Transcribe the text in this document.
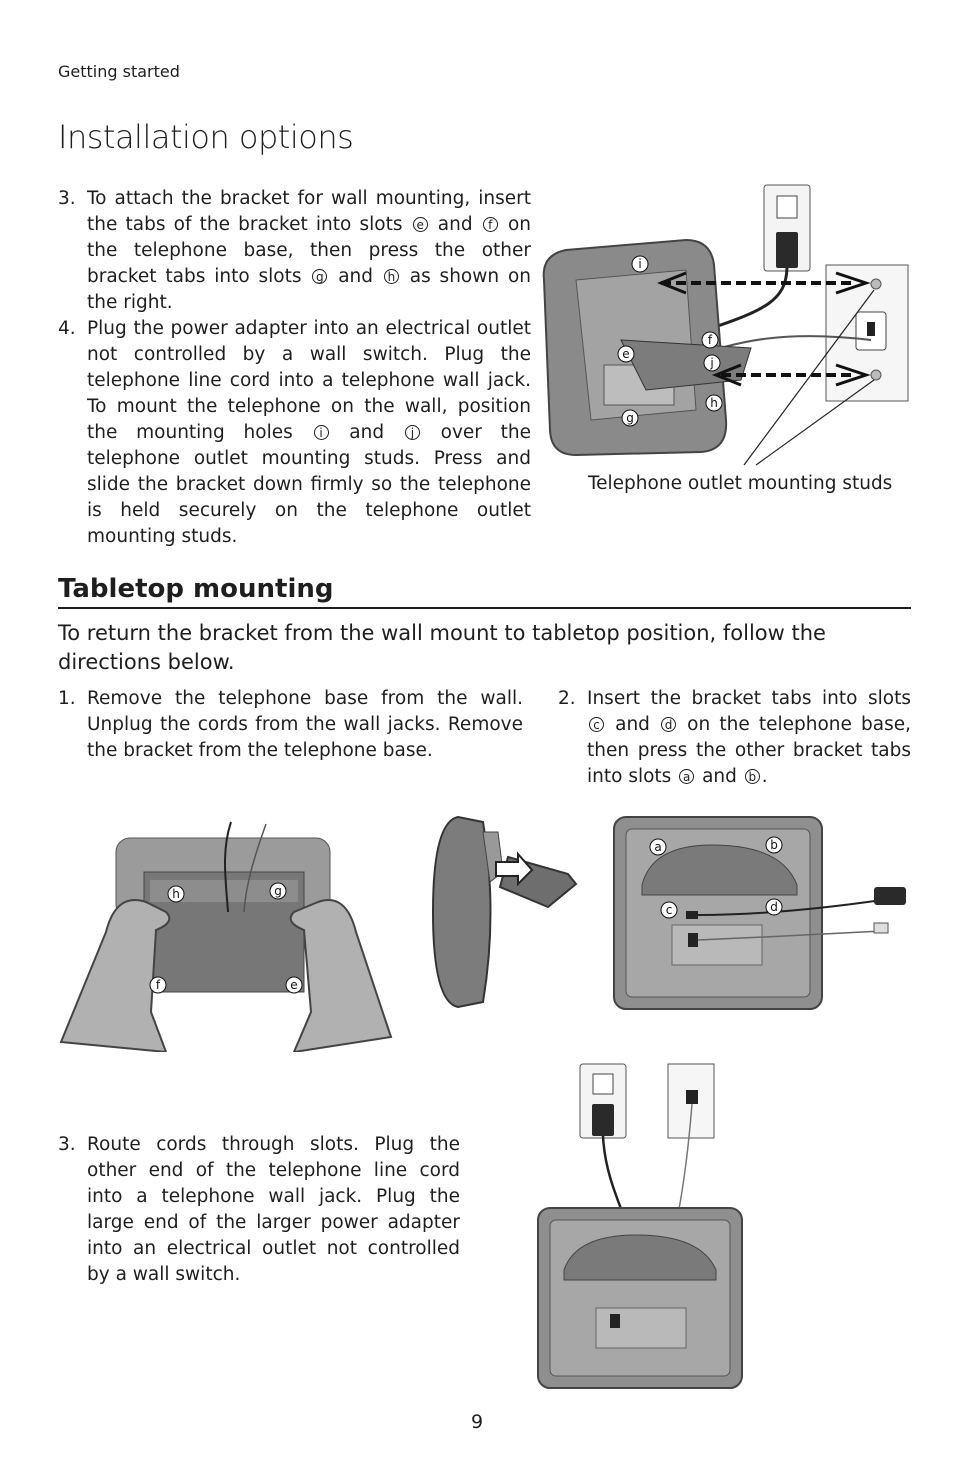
Getting started
Installation options
3. To attach the bracket for wall mounting, insert the tabs of the bracket into slots e and f on the telephone base, then press the other bracket tabs into slots g and h as shown on the right.
4. Plug the power adapter into an electrical outlet not controlled by a wall switch. Plug the telephone line cord into a telephone wall jack. To mount the telephone on the wall, position the mounting holes i and j over the telephone outlet mounting studs. Press and slide the bracket down firmly so the telephone is held securely on the telephone outlet mounting studs.
i
f
e
j
g
h
Telephone outlet mounting studs
Tabletop mounting
To return the bracket from the wall mount to tabletop position, follow the directions below.
1. Remove the telephone base from the wall. Unplug the cords from the wall jacks. Remove the bracket from the telephone base.
2. Insert the bracket tabs into slots c and d on the telephone base, then press the other bracket tabs into slots a and b .
3. Route cords through slots. Plug the other end of the telephone line cord into a telephone wall jack. Plug the large end of the larger power adapter into an electrical outlet not controlled by a wall switch.
h	g
f	e
a	b
c	d
9
